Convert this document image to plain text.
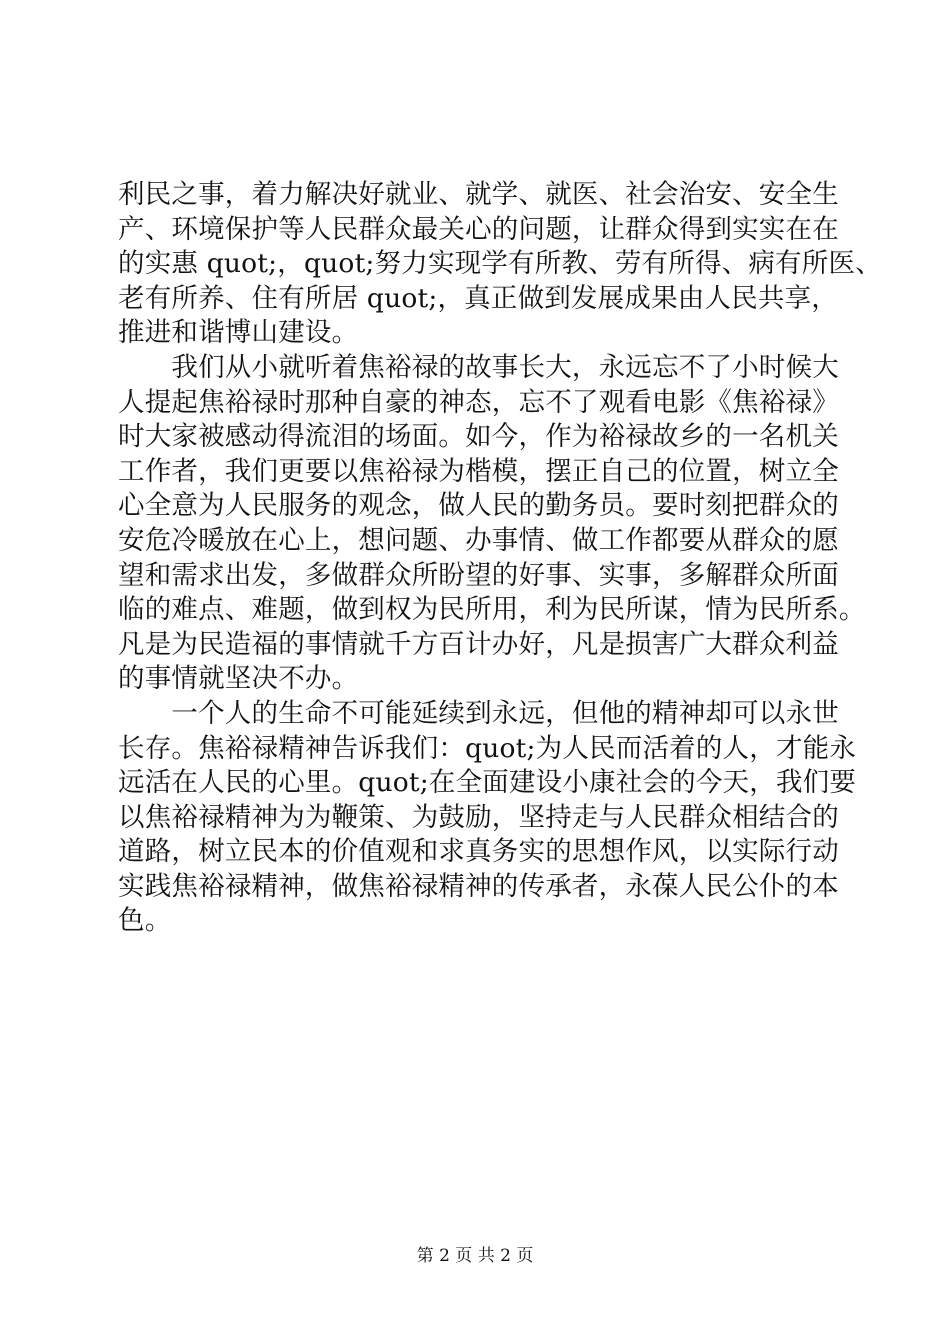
利民之事，着力解决好就业、就学、就医、社会治安、安全生
产、环境保护等人民群众最关心的问题，让群众得到实实在在
的实惠 quot;，quot;努力实现学有所教、劳有所得、病有所医、
老有所养、住有所居 quot;，真正做到发展成果由人民共享，
推进和谐博山建设。
　　我们从小就听着焦裕禄的故事长大，永远忘不了小时候大
人提起焦裕禄时那种自豪的神态，忘不了观看电影《焦裕禄》
时大家被感动得流泪的场面。如今，作为裕禄故乡的一名机关
工作者，我们更要以焦裕禄为楷模，摆正自己的位置，树立全
心全意为人民服务的观念，做人民的勤务员。要时刻把群众的
安危冷暖放在心上，想问题、办事情、做工作都要从群众的愿
望和需求出发，多做群众所盼望的好事、实事，多解群众所面
临的难点、难题，做到权为民所用，利为民所谋，情为民所系。
凡是为民造福的事情就千方百计办好，凡是损害广大群众利益
的事情就坚决不办。
　　一个人的生命不可能延续到永远，但他的精神却可以永世
长存。焦裕禄精神告诉我们：quot;为人民而活着的人，才能永
远活在人民的心里。quot;在全面建设小康社会的今天，我们要
以焦裕禄精神为为鞭策、为鼓励，坚持走与人民群众相结合的
道路，树立民本的价值观和求真务实的思想作风，以实际行动
实践焦裕禄精神，做焦裕禄精神的传承者，永葆人民公仆的本
色。
第 2 页 共 2 页
